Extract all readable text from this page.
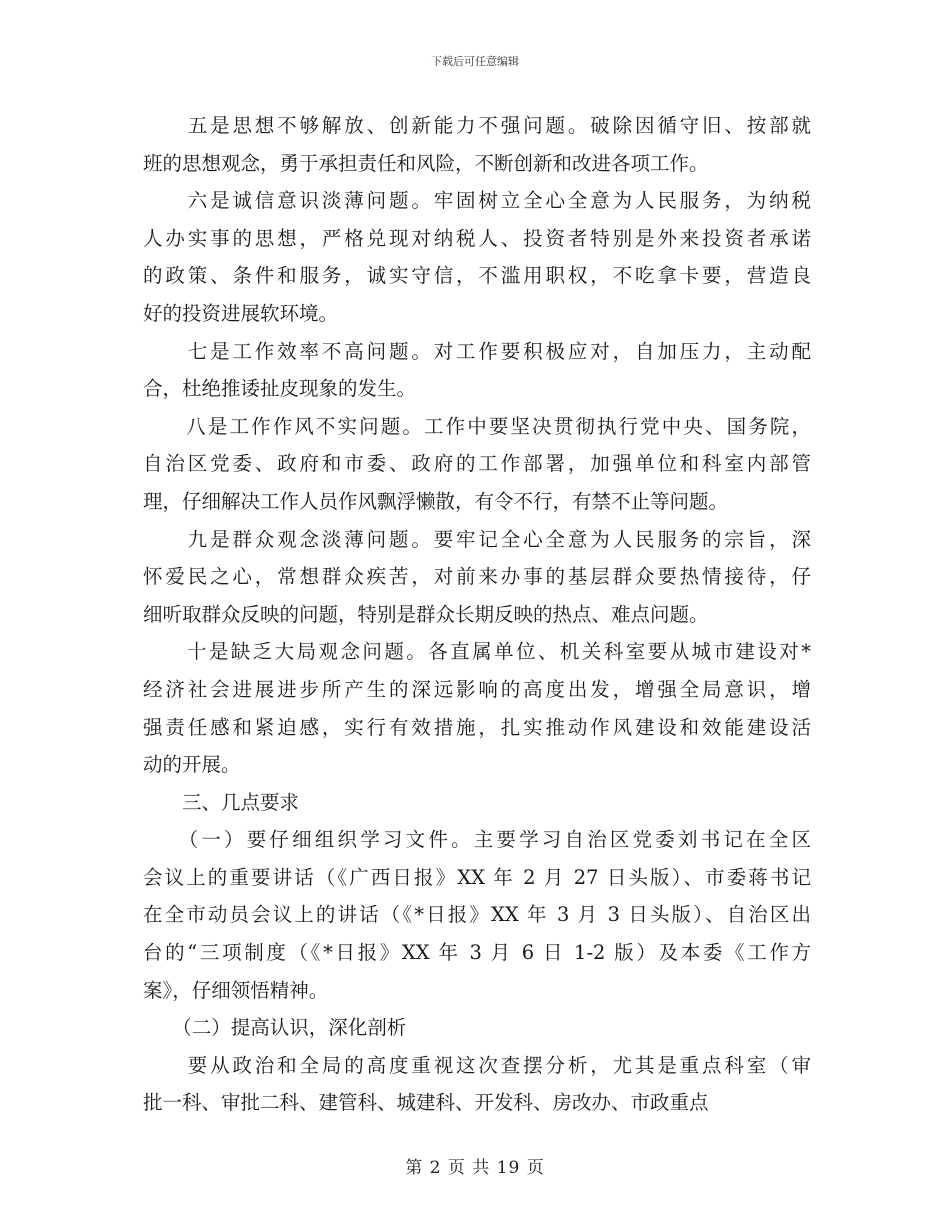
下载后可任意编辑
　　五是思想不够解放、创新能力不强问题。破除因循守旧、按部就
班的思想观念，勇于承担责任和风险，不断创新和改进各项工作。
　　六是诚信意识淡薄问题。牢固树立全心全意为人民服务，为纳税
人办实事的思想，严格兑现对纳税人、投资者特别是外来投资者承诺
的政策、条件和服务，诚实守信，不滥用职权，不吃拿卡要，营造良
好的投资进展软环境。
　　七是工作效率不高问题。对工作要积极应对，自加压力，主动配
合，杜绝推诿扯皮现象的发生。
　　八是工作作风不实问题。工作中要坚决贯彻执行党中央、国务院，
自治区党委、政府和市委、政府的工作部署，加强单位和科室内部管
理，仔细解决工作人员作风飘浮懒散，有令不行，有禁不止等问题。
　　九是群众观念淡薄问题。要牢记全心全意为人民服务的宗旨，深
怀爱民之心，常想群众疾苦，对前来办事的基层群众要热情接待，仔
细听取群众反映的问题，特别是群众长期反映的热点、难点问题。
　　十是缺乏大局观念问题。各直属单位、机关科室要从城市建设对*
经济社会进展进步所产生的深远影响的高度出发，增强全局意识，增
强责任感和紧迫感，实行有效措施，扎实推动作风建设和效能建设活
动的开展。
　　三、几点要求
　　（一）要仔细组织学习文件。主要学习自治区党委刘书记在全区
会议上的重要讲话（《广西日报》XX 年 2 月 27 日头版）、市委蒋书记
在全市动员会议上的讲话（《*日报》XX 年 3 月 3 日头版）、自治区出
台的“三项制度（《*日报》XX 年 3 月 6 日 1-2 版）及本委《工作方
案》，仔细领悟精神。
　　（二）提高认识，深化剖析
　　要从政治和全局的高度重视这次查摆分析，尤其是重点科室（审
批一科、审批二科、建管科、城建科、开发科、房改办、市政重点
第 2 页 共 19 页
